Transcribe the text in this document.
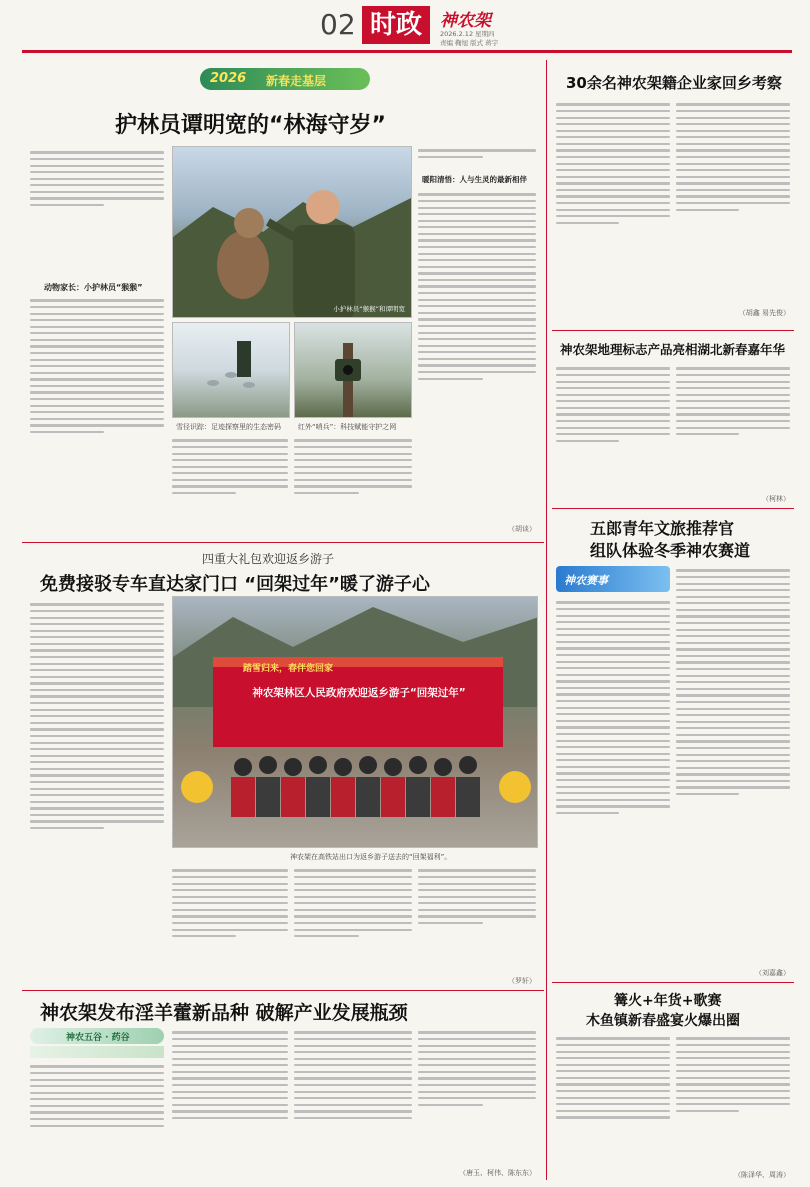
02 时政	神农架
2026.2.12 星期四
责编 鞠旭 版式 蒋宇
2026 新春走基层
护林员谭明宽的“林海守岁”
动物家长：小护林员“猴猴”
小护林员“猴猴”和谭明宽
雪径识踪：足迹探察里的生态密码 红外“哨兵”：科技赋能守护之网
暖阳清悟：人与生灵的最新相伴
（胡谈）
四重大礼包欢迎返乡游子
免费接驳专车直达家门口 “回架过年”暖了游子心
踏雪归来，春伴您回家
神农架林区人民政府欢迎返乡游子“回架过年”
神农架在高铁站出口为返乡游子送去的“回架福利”。
（罗轩）
神农架发布淫羊藿新品种 破解产业发展瓶颈
神农五谷 · 药谷
（唐玉、柯伟、陈东东）
30余名神农架籍企业家回乡考察
（胡鑫 易先俊）
神农架地理标志产品亮相湖北新春嘉年华
（柯林）
五郎青年文旅推荐官
组队体验冬季神农赛道
神农赛事
（刘嘉鑫）
篝火+年货+歌赛
木鱼镇新春盛宴火爆出圈
（陈泽华、周涛）
